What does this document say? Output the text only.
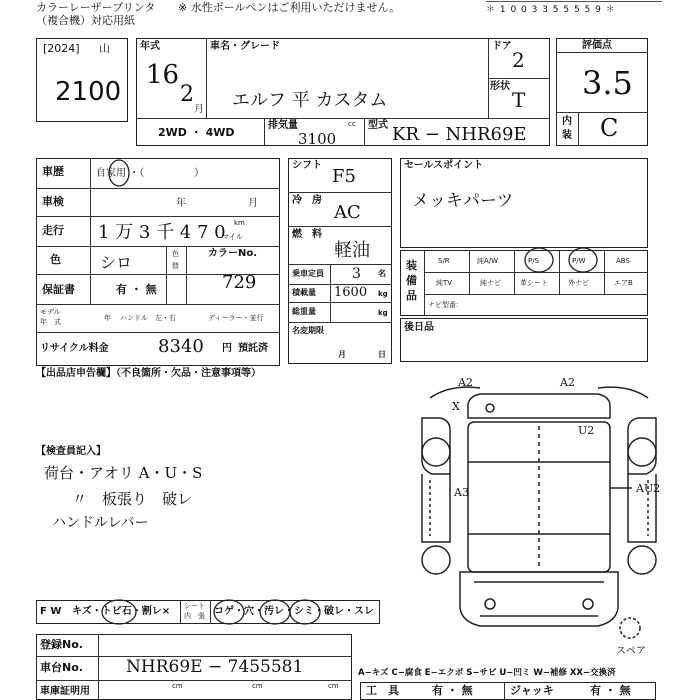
カラーレーザープリンタ
（複合機）対応用紙
※ 水性ボールペンはご利用いただけません。	＊ 1 0 0 3 3 5 5 5 5 9 ＊
[2024] 山
2100
年式
16
2
月
車名・グレード
エルフ 平 カスタム
ドア
2
形状
T
2WD ・ 4WD
排気量	cc
3100
型式 KR − NHR69E
評価点
3.5
内
装 C
車歴	自家用 ・（　　　　　）
車検	年	月
走行 1 万 3 千 4 7 0 km
マイル
色 シロ	色
替
カラーNo.
729
保証書	有 ・ 無
モデル
年　式	年 ハンドル　左・右	ディーラー・並行
リサイクル料金	8340 円 預託済
シフト
F5
冷　房
AC
燃　料
軽油
乗車定員 3 名
積載量 1600 kg
総重量	kg
名変期限
月	日
セールスポイント
メッキパーツ
装
備
品
S/R	純A/W	P/S	P/W	ABS
純TV	純ナビ	革シート	外ナビ	エアB
ナビ型番：
後日品
【出品店申告欄】（不良箇所・欠品・注意事項等）
【検査員記入】
荷台・アオリ A・U・S
〃　板張り　破レ
ハンドルレバー
F W キズ・トビ石・割レ× シート
内　張 コゲ・穴・汚レ・シミ・破レ・スレ
登録No.
車台No.	NHR69E − 7455581
車庫証明用	cm	cm	cm
A−キズ C−腐食 E−エクボ S−サビ U−凹ミ W−補修 XX−交換済
工　具	有 ・ 無	ジャッキ	有 ・ 無
A2	A2
X
U2
A3	AU2
スペア
